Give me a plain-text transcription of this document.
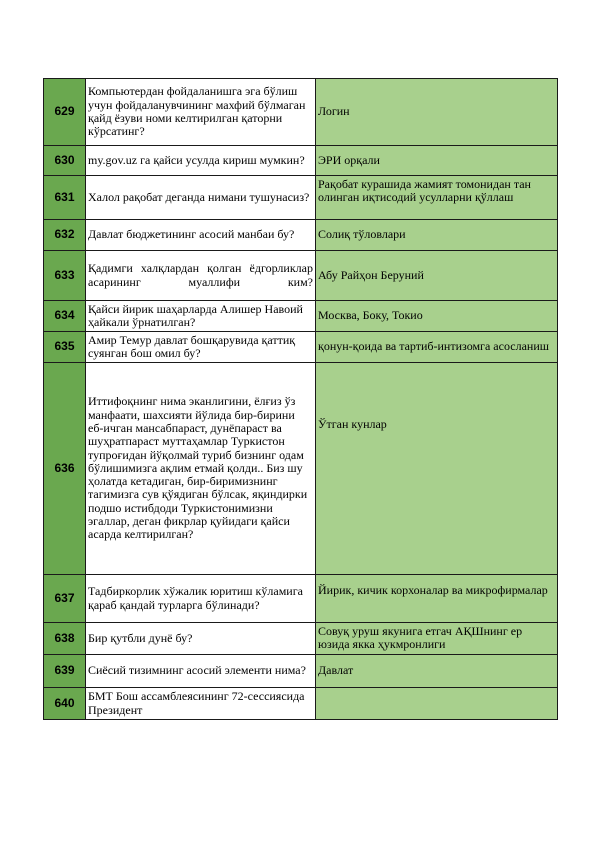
629	Компьютердан фойдаланишга эга бўлиш учун фойдаланувчининг махфий бўлмаган қайд ёзуви номи келтирилган қаторни кўрсатинг?	Логин
630	my.gov.uz га қайси усулда кириш мумкин?	ЭРИ орқали
631	Халол рақобат деганда нимани тушунасиз?	Рақобат курашида жамият томонидан тан олинган иқтисодий усулларни қўллаш
632	Давлат бюджетининг асосий манбаи бу?	Солиқ тўловлари
633	Қадимги халқлардан қолган ёдгорликлар асарининг муаллифи ким?	Абу Райҳон Беруний
634	Қайси йирик шаҳарларда Алишер Навоий ҳайкали ўрнатилган?	Москва, Боку, Токио
635	Амир Темур давлат бошқарувида қаттиқ суянган бош омил бу?	қонун-қоида ва тартиб-интизомга асосланиш
636	Иттифоқнинг нима эканлигини, ёлғиз ўз манфаати, шахсияти йўлида бир-бирини еб-ичган мансабпараст, дунёпараст ва шуҳратпараст муттаҳамлар Туркистон тупроғидан йўқолмай туриб бизнинг одам бўлишимизга ақлим етмай қолди.. Биз шу ҳолатда кетадиган, бир-биримизнинг тагимизга сув қўядиган бўлсак, яқиндирки подшо истибдоди Туркистонимизни эгаллар, деган фикрлар қуйидаги қайси асарда келтирилган?	Ўтган кунлар
637	Тадбиркорлик хўжалик юритиш кўламига қараб қандай турларга бўлинади?	Йирик, кичик корхоналар ва микрофирмалар
638	Бир қутбли дунё бу?	Совуқ уруш якунига етгач АҚШнинг ер юзида якка ҳукмронлиги
639	Сиёсий тизимнинг асосий элементи нима?	Давлат
640	БМТ Бош ассамблеясининг 72-сессиясида Президент	
